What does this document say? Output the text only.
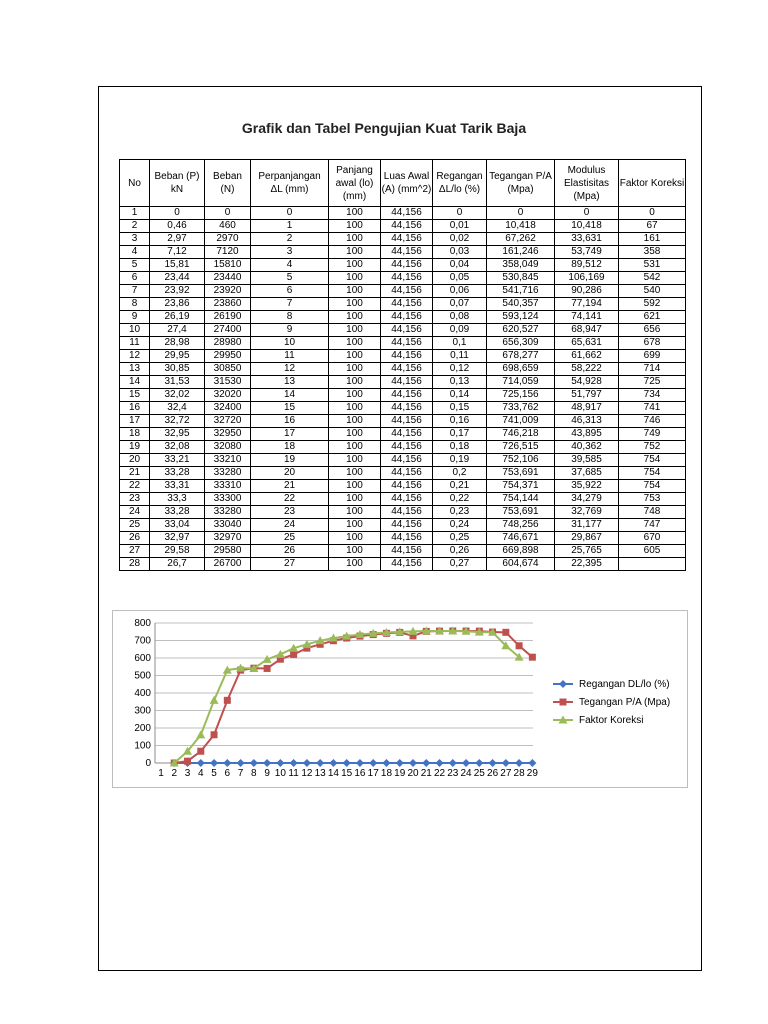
Grafik dan Tabel Pengujian Kuat Tarik Baja
No	Beban (P) kN	Beban (N)	Perpanjangan ΔL (mm)	Panjang awal (lo) (mm)	Luas Awal (A) (mm^2)	Regangan ΔL/lo (%)	Tegangan P/A (Mpa)	Modulus Elastisitas (Mpa)	Faktor Koreksi
1	0	0	0	100	44,156	0	0	0	0
2	0,46	460	1	100	44,156	0,01	10,418	10,418	67
3	2,97	2970	2	100	44,156	0,02	67,262	33,631	161
4	7,12	7120	3	100	44,156	0,03	161,246	53,749	358
5	15,81	15810	4	100	44,156	0,04	358,049	89,512	531
6	23,44	23440	5	100	44,156	0,05	530,845	106,169	542
7	23,92	23920	6	100	44,156	0,06	541,716	90,286	540
8	23,86	23860	7	100	44,156	0,07	540,357	77,194	592
9	26,19	26190	8	100	44,156	0,08	593,124	74,141	621
10	27,4	27400	9	100	44,156	0,09	620,527	68,947	656
11	28,98	28980	10	100	44,156	0,1	656,309	65,631	678
12	29,95	29950	11	100	44,156	0,11	678,277	61,662	699
13	30,85	30850	12	100	44,156	0,12	698,659	58,222	714
14	31,53	31530	13	100	44,156	0,13	714,059	54,928	725
15	32,02	32020	14	100	44,156	0,14	725,156	51,797	734
16	32,4	32400	15	100	44,156	0,15	733,762	48,917	741
17	32,72	32720	16	100	44,156	0,16	741,009	46,313	746
18	32,95	32950	17	100	44,156	0,17	746,218	43,895	749
19	32,08	32080	18	100	44,156	0,18	726,515	40,362	752
20	33,21	33210	19	100	44,156	0,19	752,106	39,585	754
21	33,28	33280	20	100	44,156	0,2	753,691	37,685	754
22	33,31	33310	21	100	44,156	0,21	754,371	35,922	754
23	33,3	33300	22	100	44,156	0,22	754,144	34,279	753
24	33,28	33280	23	100	44,156	0,23	753,691	32,769	748
25	33,04	33040	24	100	44,156	0,24	748,256	31,177	747
26	32,97	32970	25	100	44,156	0,25	746,671	29,867	670
27	29,58	29580	26	100	44,156	0,26	669,898	25,765	605
28	26,7	26700	27	100	44,156	0,27	604,674	22,395	
0
100
200
300
400
500
600
700
800
1 2 3 4 5 6 7 8 9 10 11 12 13 14 15 16 17 18 19 20 21 22 23 24 25 26 27 28 29
Regangan DL/lo (%)
Tegangan P/A (Mpa)
Faktor Koreksi
